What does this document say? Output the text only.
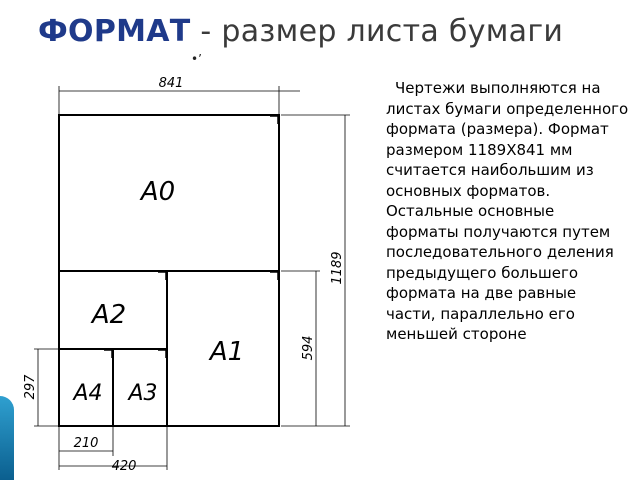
ФОРМАТ - размер листа бумаги
•’
A0
A1
A2
A3
A4
841
1189
594
297
210
420

Чертежи выполняются на листах бумаги определенного формата (размера). Формат размером 1189Х841 мм считается наибольшим из основных форматов. Остальные основные форматы получаются путем последовательного деления предыдущего большего формата на две равные части, параллельно его меньшей стороне
